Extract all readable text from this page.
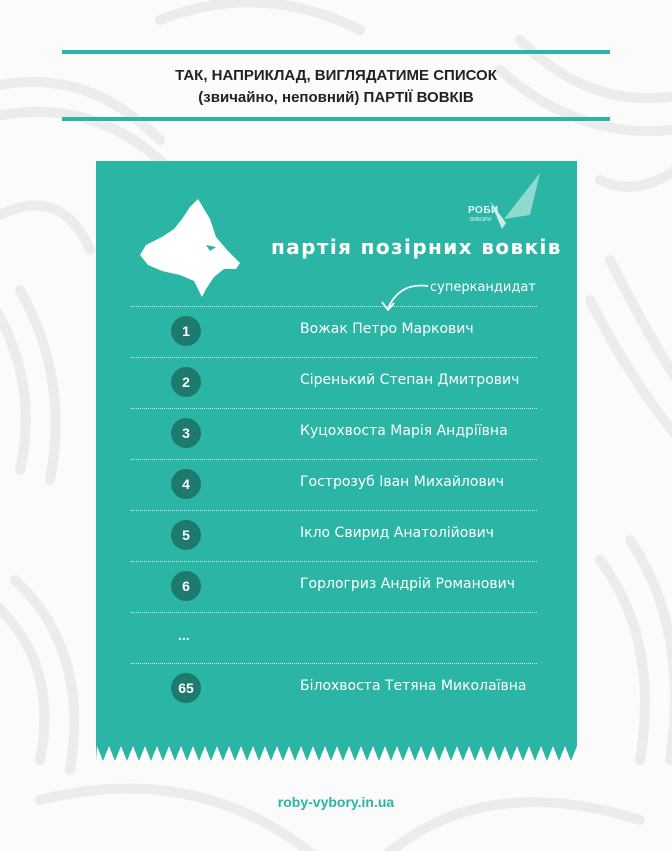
ТАК, НАПРИКЛАД, ВИГЛЯДАТИМЕ СПИСОК
(звичайно, неповний) ПАРТІЇ ВОВКІВ
РОБИ
ВИБОРИ
партія позірних вовків
суперкандидат
1	Вожак Петро Маркович
2	Сіренький Степан Дмитрович
3	Куцохвоста Марія Андріївна
4	Гострозуб Іван Михайлович
5	Ікло Свирид Анатолійович
6	Горлогриз Андрій Романович
...
65	Білохвоста Тетяна Миколаївна
roby-vybory.in.ua
